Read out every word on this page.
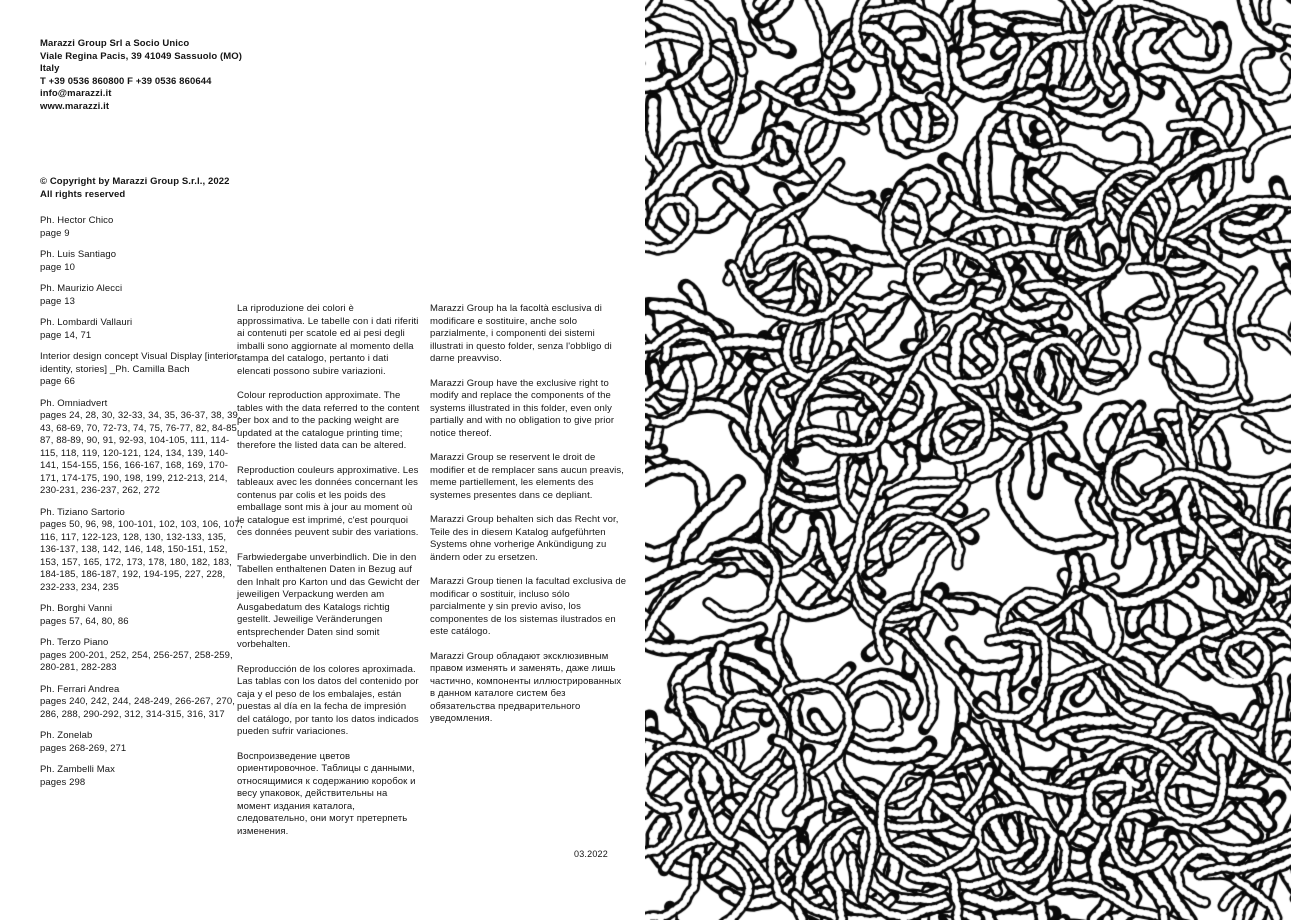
Marazzi Group Srl a Socio Unico
Viale Regina Pacis, 39 41049 Sassuolo (MO) Italy
T +39 0536 860800 F +39 0536 860644
info@marazzi.it
www.marazzi.it
© Copyright by Marazzi Group S.r.l., 2022
All rights reserved
Ph. Hector Chico
page 9
Ph. Luis Santiago
page 10
Ph. Maurizio Alecci
page 13
Ph. Lombardi Vallauri
page 14, 71
Interior design concept Visual Display [interior, identity, stories] _Ph. Camilla Bach
page 66
Ph. Omniadvert
pages 24, 28, 30, 32-33, 34, 35, 36-37, 38, 39, 43, 68-69, 70, 72-73, 74, 75, 76-77, 82, 84-85, 87, 88-89, 90, 91, 92-93, 104-105, 111, 114-115, 118, 119, 120-121, 124, 134, 139, 140-141, 154-155, 156, 166-167, 168, 169, 170-171, 174-175, 190, 198, 199, 212-213, 214, 230-231, 236-237, 262, 272
Ph. Tiziano Sartorio
pages 50, 96, 98, 100-101, 102, 103, 106, 107, 116, 117, 122-123, 128, 130, 132-133, 135, 136-137, 138, 142, 146, 148, 150-151, 152, 153, 157, 165, 172, 173, 178, 180, 182, 183, 184-185, 186-187, 192, 194-195, 227, 228, 232-233, 234, 235
Ph. Borghi Vanni
pages 57, 64, 80, 86
Ph. Terzo Piano
pages 200-201, 252, 254, 256-257, 258-259, 280-281, 282-283
Ph. Ferrari Andrea
pages 240, 242, 244, 248-249, 266-267, 270, 286, 288, 290-292, 312, 314-315, 316, 317
Ph. Zonelab
pages 268-269, 271
Ph. Zambelli Max
pages 298

La riproduzione dei colori è approssimativa. Le tabelle con i dati riferiti ai contenuti per scatole ed ai pesi degli imballi sono aggiornate al momento della stampa del catalogo, pertanto i dati elencati possono subire variazioni.

Colour reproduction approximate. The tables with the data referred to the content per box and to the packing weight are updated at the catalogue printing time; therefore the listed data can be altered.

Reproduction couleurs approximative. Les tableaux avec les données concernant les contenus par colis et les poids des emballage sont mis à jour au moment où le catalogue est imprimé, c'est pourquoi ces données peuvent subir des variations.

Farbwiedergabe unverbindlich. Die in den Tabellen enthaltenen Daten in Bezug auf den Inhalt pro Karton und das Gewicht der jeweiligen Verpackung werden am Ausgabedatum des Katalogs richtig gestellt. Jeweilige Veränderungen entsprechender Daten sind somit vorbehalten.

Reproducción de los colores aproximada. Las tablas con los datos del contenido por caja y el peso de los embalajes, están puestas al día en la fecha de impresión del catálogo, por tanto los datos indicados pueden sufrir variaciones.

Воспроизведение цветов ориентировочное. Таблицы с данными, относящимися к содержанию коробок и весу упаковок, действительны на момент издания каталога, следовательно, они могут претерпеть изменения.

Marazzi Group ha la facoltà esclusiva di modificare e sostituire, anche solo parzialmente, i componenti dei sistemi illustrati in questo folder, senza l'obbligo di darne preavviso.

Marazzi Group have the exclusive right to modify and replace the components of the systems illustrated in this folder, even only partially and with no obligation to give prior notice thereof.

Marazzi Group se reservent le droit de modifier et de remplacer sans aucun preavis, meme partiellement, les elements des systemes presentes dans ce depliant.

Marazzi Group behalten sich das Recht vor, Teile des in diesem Katalog aufgeführten Systems ohne vorherige Ankündigung zu ändern oder zu ersetzen.

Marazzi Group tienen la facultad exclusiva de modificar o sostituir, incluso sólo parcialmente y sin previo aviso, los componentes de los sistemas ilustrados en este catálogo.

Marazzi Group обладают эксклюзивным правом изменять и заменять, даже лишь частично, компоненты иллюстрированных в данном каталоге систем без обязательства предварительного уведомления.

03.2022
